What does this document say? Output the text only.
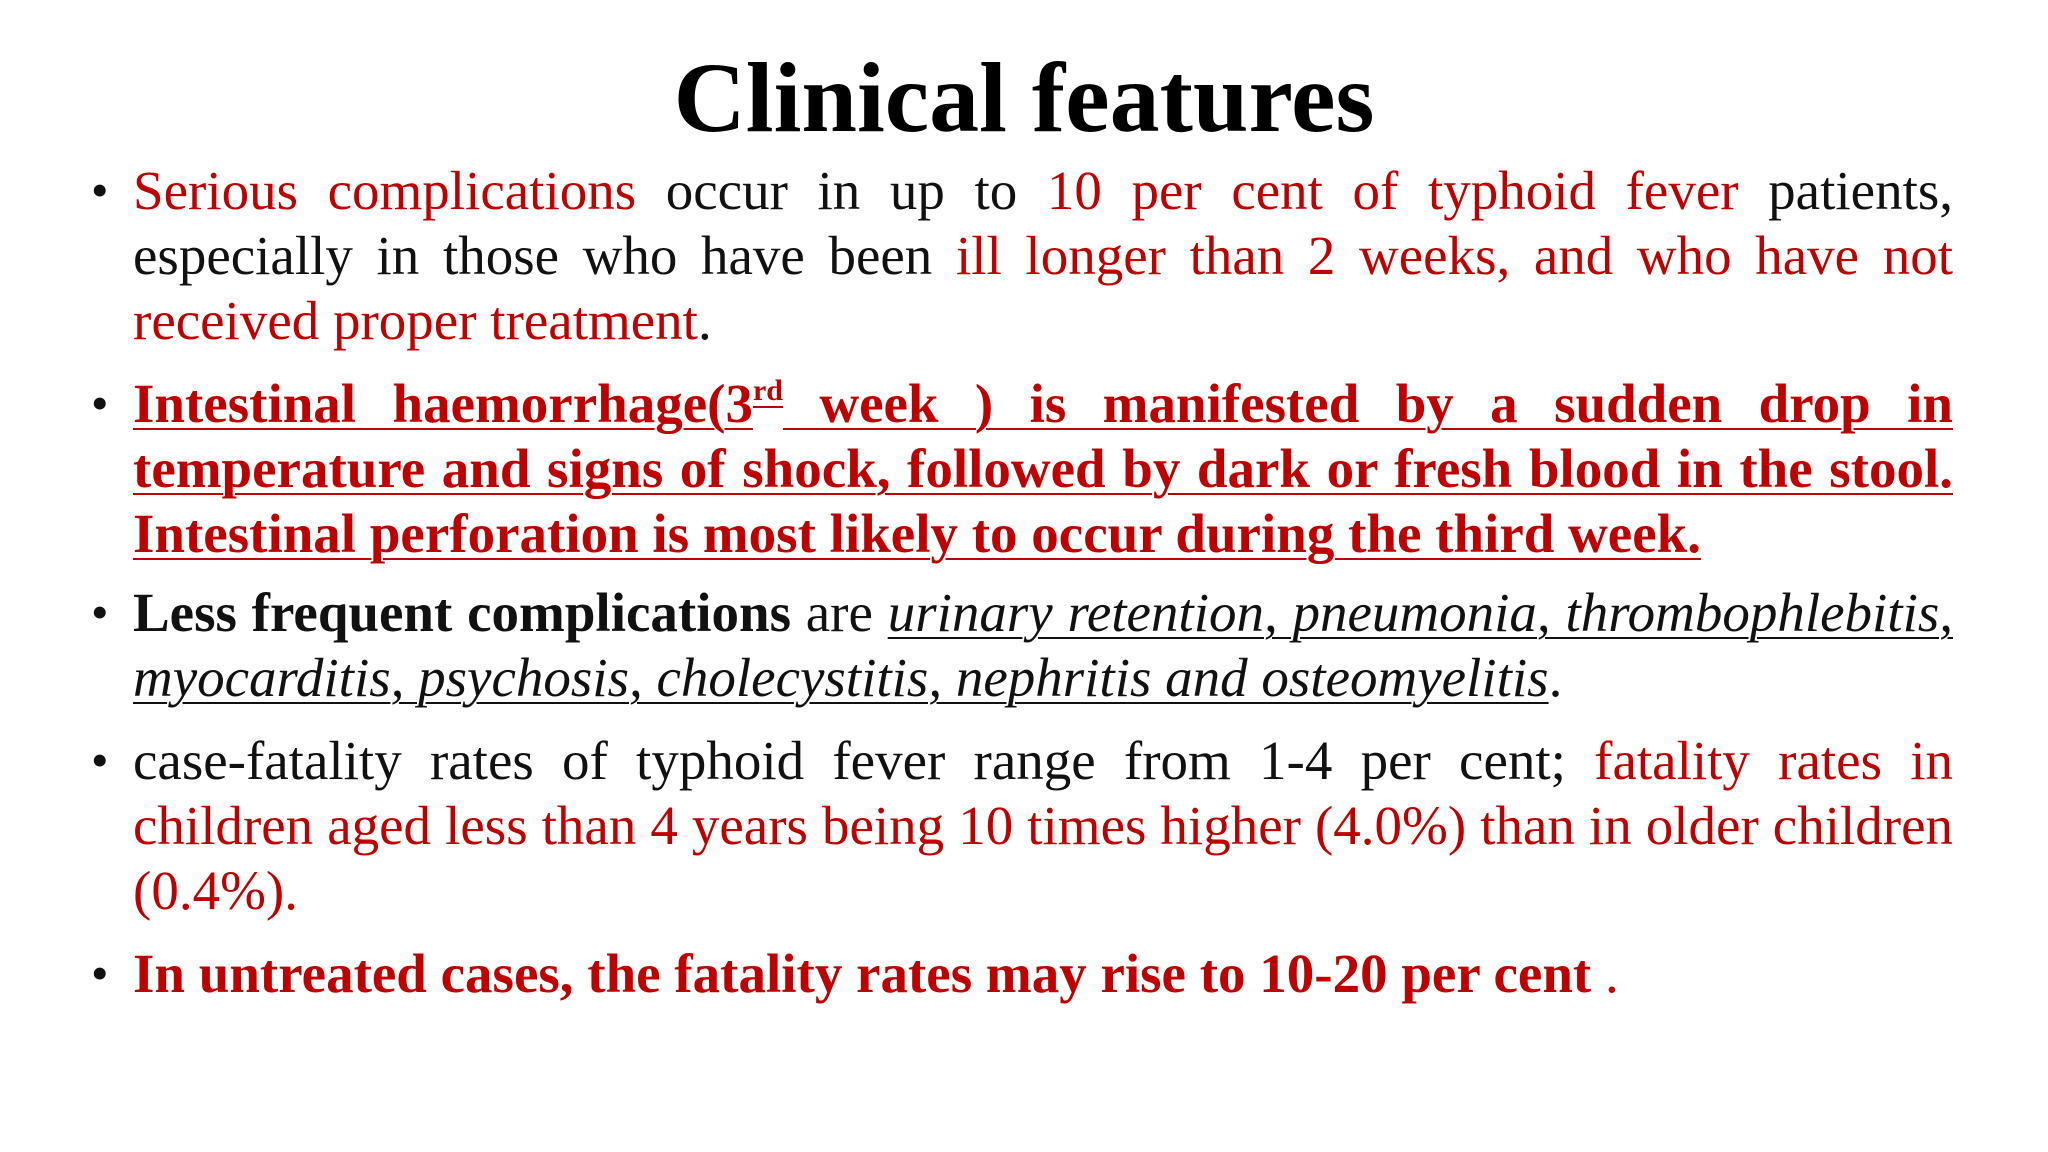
Clinical features
• Serious complications occur in up to 10 per cent of typhoid fever patients, especially in those who have been ill longer than 2 weeks, and who have not received proper treatment.
• Intestinal haemorrhage(3rd week ) is manifested by a sudden drop in temperature and signs of shock, followed by dark or fresh blood in the stool. Intestinal perforation is most likely to occur during the third week.
• Less frequent complications are urinary retention, pneumonia, thrombophlebitis, myocarditis, psychosis, cholecystitis, nephritis and osteomyelitis.
• case-fatality rates of typhoid fever range from 1-4 per cent; fatality rates in children aged less than 4 years being 10 times higher (4.0%) than in older children (0.4%).
• In untreated cases, the fatality rates may rise to 10-20 per cent .
